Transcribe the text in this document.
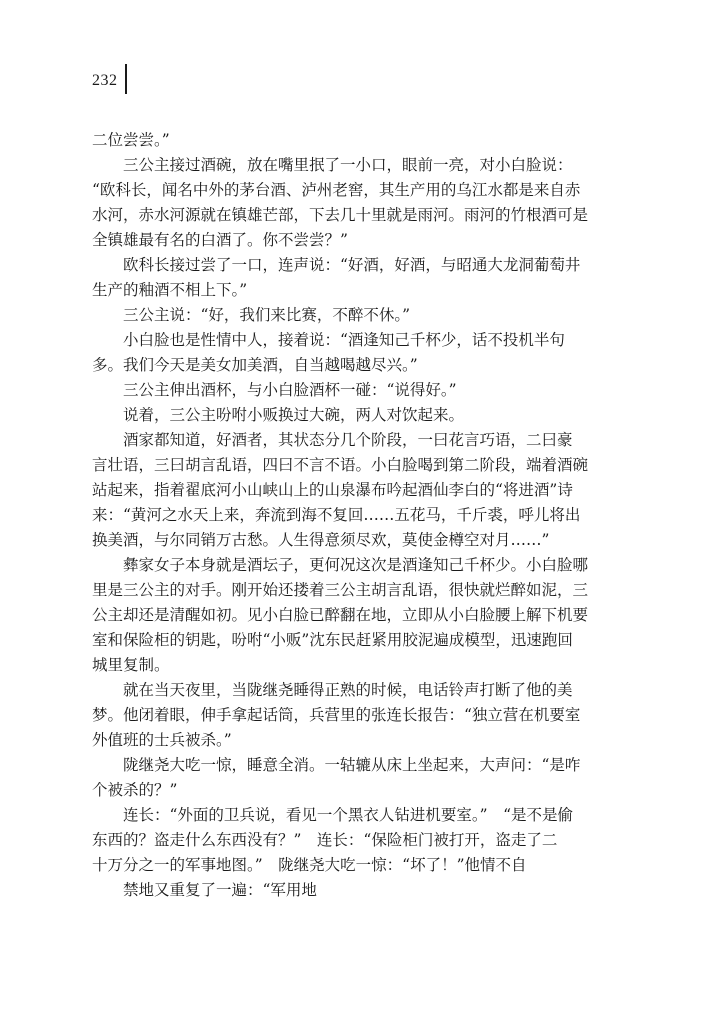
232

二位尝尝。”

　　三公主接过酒碗，放在嘴里抿了一小口，眼前一亮，对小白脸说：

“欧科长，闻名中外的茅台酒、泸州老窖，其生产用的乌江水都是来自赤

水河，赤水河源就在镇雄芒部，下去几十里就是雨河。雨河的竹根酒可是

全镇雄最有名的白酒了。你不尝尝？”

　　欧科长接过尝了一口，连声说：“好酒，好酒，与昭通大龙洞葡萄井

生产的釉酒不相上下。”

　　三公主说：“好，我们来比赛，不醉不休。”

　　小白脸也是性情中人，接着说：“酒逢知己千杯少，话不投机半句

多。我们今天是美女加美酒，自当越喝越尽兴。”

　　三公主伸出酒杯，与小白脸酒杯一碰：“说得好。”

　　说着，三公主吩咐小贩换过大碗，两人对饮起来。

　　酒家都知道，好酒者，其状态分几个阶段，一曰花言巧语，二曰豪

言壮语，三曰胡言乱语，四曰不言不语。小白脸喝到第二阶段，端着酒碗

站起来，指着翟底河小山峡山上的山泉瀑布吟起酒仙李白的“将进酒”诗

来：“黄河之水天上来，奔流到海不复回……五花马，千斤裘，呼儿将出

换美酒，与尔同销万古愁。人生得意须尽欢，莫使金樽空对月……”

　　彝家女子本身就是酒坛子，更何况这次是酒逢知己千杯少。小白脸哪

里是三公主的对手。刚开始还搂着三公主胡言乱语，很快就烂醉如泥，三

公主却还是清醒如初。见小白脸已醉翻在地，立即从小白脸腰上解下机要

室和保险柜的钥匙，吩咐“小贩”沈东民赶紧用胶泥遍成模型，迅速跑回

城里复制。

　　就在当天夜里，当陇继尧睡得正熟的时候，电话铃声打断了他的美

梦。他闭着眼，伸手拿起话筒，兵营里的张连长报告：“独立营在机要室

外值班的士兵被杀。”

　　陇继尧大吃一惊，睡意全消。一轱辘从床上坐起来，大声问：“是咋

个被杀的？”

　　连长：“外面的卫兵说，看见一个黑衣人钻进机要室。”　“是不是偷

东西的？盗走什么东西没有？”　连长：“保险柜门被打开，盗走了二

十万分之一的军事地图。”　陇继尧大吃一惊：“坏了！”他情不自

　　禁地又重复了一遍：“军用地
